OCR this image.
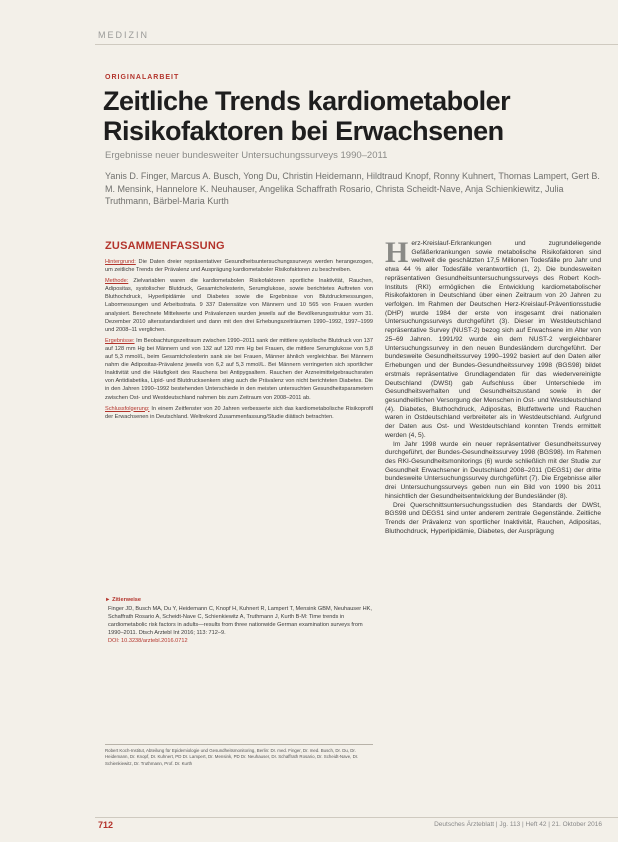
MEDIZIN
ORIGINALARBEIT
Zeitliche Trends kardiometaboler
Risikofaktoren bei Erwachsenen
Ergebnisse neuer bundesweiter Untersuchungssurveys 1990–2011
Yanis D. Finger, Marcus A. Busch, Yong Du, Christin Heidemann, Hildtraud Knopf, Ronny Kuhnert, Thomas Lampert, Gert B. M. Mensink, Hannelore K. Neuhauser, Angelika Schaffrath Rosario, Christa Scheidt-Nave, Anja Schienkiewitz, Julia Truthmann, Bärbel-Maria Kurth
ZUSAMMENFASSUNG

Hintergrund: Die Daten dreier repräsentativer Gesundheitsuntersuchungssurveys werden herangezogen, um zeitliche Trends der Prävalenz und Ausprägung kardiometaboler Risikofaktoren zu beschreiben.

Methode: Zielvariablen waren die kardiometabolen Risikofaktoren sportliche Inaktivität, Rauchen, Adipositas, systolischer Blutdruck, Gesamtcholesterin, Serumglukose, sowie berichtetes Auftreten von Bluthochdruck, Hyperlipidämie und Diabetes sowie die Ergebnisse von Blutdruckmessungen, Labormessungen und Arbeitsstrata. 9 337 Datensätze von Männern und 10 565 von Frauen wurden analysiert. Berechnete Mittelwerte und Prävalenzen wurden jeweils auf die Bevölkerungsstruktur vom 31. Dezember 2010 altersstandardisiert und dann mit den drei Erhebungszeiträumen 1990–1992, 1997–1999 und 2008–11 verglichen.

Ergebnisse: Im Beobachtungszeitraum zwischen 1990–2011 sank der mittlere systolische Blutdruck von 137 auf 128 mm Hg bei Männern und von 132 auf 120 mm Hg bei Frauen, die mittlere Serumglukose von 5,8 auf 5,3 mmol/L, beim Gesamtcholesterin sank sie bei Frauen, Männer ähnlich vergleichbar. Bei Männern nahm die Adipositas-Prävalenz jeweils von 6,2 auf 5,3 mmol/L. Bei Männern verringerten sich sportlicher Inaktivität und die Häufigkeit des Rauchens bei Antipygsaltern. Rauchen der Arzneimittelgebrauchsraten von Antidiabetika, Lipid- und Blutdrucksenkern stieg auch die Prävalenz von nicht berichteten Diabetes. Die in den Jahren 1990–1992 bestehenden Unterschiede in den meisten untersuchten Gesundheitsparametern zwischen Ost- und Westdeutschland nahmen bis zum Zeitraum von 2008–2011 ab.

Schlussfolgerung: In einem Zeitfenster von 20 Jahren verbesserte sich das kardiometabolische Risikoprofil der Erwachsenen in Deutschland. Weltrekord Zusammenfassung/Studie diätisch betrachten.

► Zitierweise
Finger JD, Busch MA, Du Y, Heidemann C, Knopf H, Kuhnert R, Lampert T, Mensink GBM, Neuhauser HK, Schaffrath Rosario A, Scheidt-Nave C, Schienkiewitz A, Truthmann J, Kurth B-M: Time trends in cardiometabolic risk factors in adults—results from three nationwide German examination surveys from 1990–2011. Dtsch Arztebl Int 2016; 113: 712–9.
DOI: 10.3238/arztebl.2016.0712
Robert Koch-Institut, Abteilung für Epidemiologie und Gesundheitsmonitoring, Berlin: Dr. med. Finger, Dr. med. Busch, Dr. Du, Dr. Heidemann, Dr. Knopf, Dr. Kuhnert, PD Dr. Lampert, Dr. Mensink, PD Dr. Neuhauser, Dr. Schaffrath Rosario, Dr. Scheidt-Nave, Dr. Schienkiewitz, Dr. Truthmann, Prof. Dr. Kurth

Herz-Kreislauf-Erkrankungen und zugrundeliegende Gefäßerkrankungen sowie metabolische Risikofaktoren sind weltweit die geschätzten 17,5 Millionen Todesfälle pro Jahr und etwa 44 % aller Todesfälle verantwortlich (1, 2). Die bundesweiten repräsentativen Gesundheitsuntersuchungssurveys des Robert Koch-Instituts (RKI) ermöglichen die Entwicklung kardiometabolischer Risikofaktoren in Deutschland über einen Zeitraum von 20 Jahren zu verfolgen. Im Rahmen der Deutschen Herz-Kreislauf-Präventionsstudie (DHP) wurde 1984 der erste von insgesamt drei nationalen Untersuchungssurveys durchgeführt (3). Dieser im Westdeutschland repräsentative Survey (NUST-2) bezog sich auf Erwachsene im Alter von 25–69 Jahren. 1991/92 wurde ein dem NUST-2 vergleichbarer Untersuchungssurvey in den neuen Bundesländern durchgeführt. Der bundesweite Gesundheitssurvey 1990–1992 basiert auf den Daten aller Erhebungen und der Bundes-Gesundheitssurvey 1998 (BGS98) bildet erstmals repräsentative Grundlagendaten für das wiedervereinigte Deutschland (DWSt) gab Aufschluss über Unterschiede im Gesundheitsverhalten und Gesundheitszustand sowie in der gesundheitlichen Versorgung der Menschen in Ost- und Westdeutschland (4). Diabetes, Bluthochdruck, Adipositas, Blutfettwerte und Rauchen waren in Ostdeutschland verbreiteter als in Westdeutschland. Aufgrund der Daten aus Ost- und Westdeutschland konnten Trends ermittelt werden (4, 5).

Im Jahr 1998 wurde ein neuer repräsentativer Gesundheitssurvey durchgeführt, der Bundes-Gesundheitssurvey 1998 (BGS98). Im Rahmen des RKI-Gesundheitsmonitorings (6) wurde schließlich mit der Studie zur Gesundheit Erwachsener in Deutschland 2008–2011 (DEGS1) der dritte bundesweite Untersuchungssurvey durchgeführt (7). Die Ergebnisse aller drei Untersuchungssurveys geben nun ein Bild von 1990 bis 2011 hinsichtlich der Gesundheitsentwicklung der Bundesländer (8).

Drei Querschnittsuntersuchungsstudien des Standards der DWSt, BGS98 und DEGS1 sind unter anderem zentrale Gegenstände. Zeitliche Trends der Prävalenz von sportlicher Inaktivität, Rauchen, Adipositas, Bluthochdruck, Hyperlipidämie, Diabetes, der Ausprägung

712	Deutsches Ärzteblatt | Jg. 113 | Heft 42 | 21. Oktober 2016
